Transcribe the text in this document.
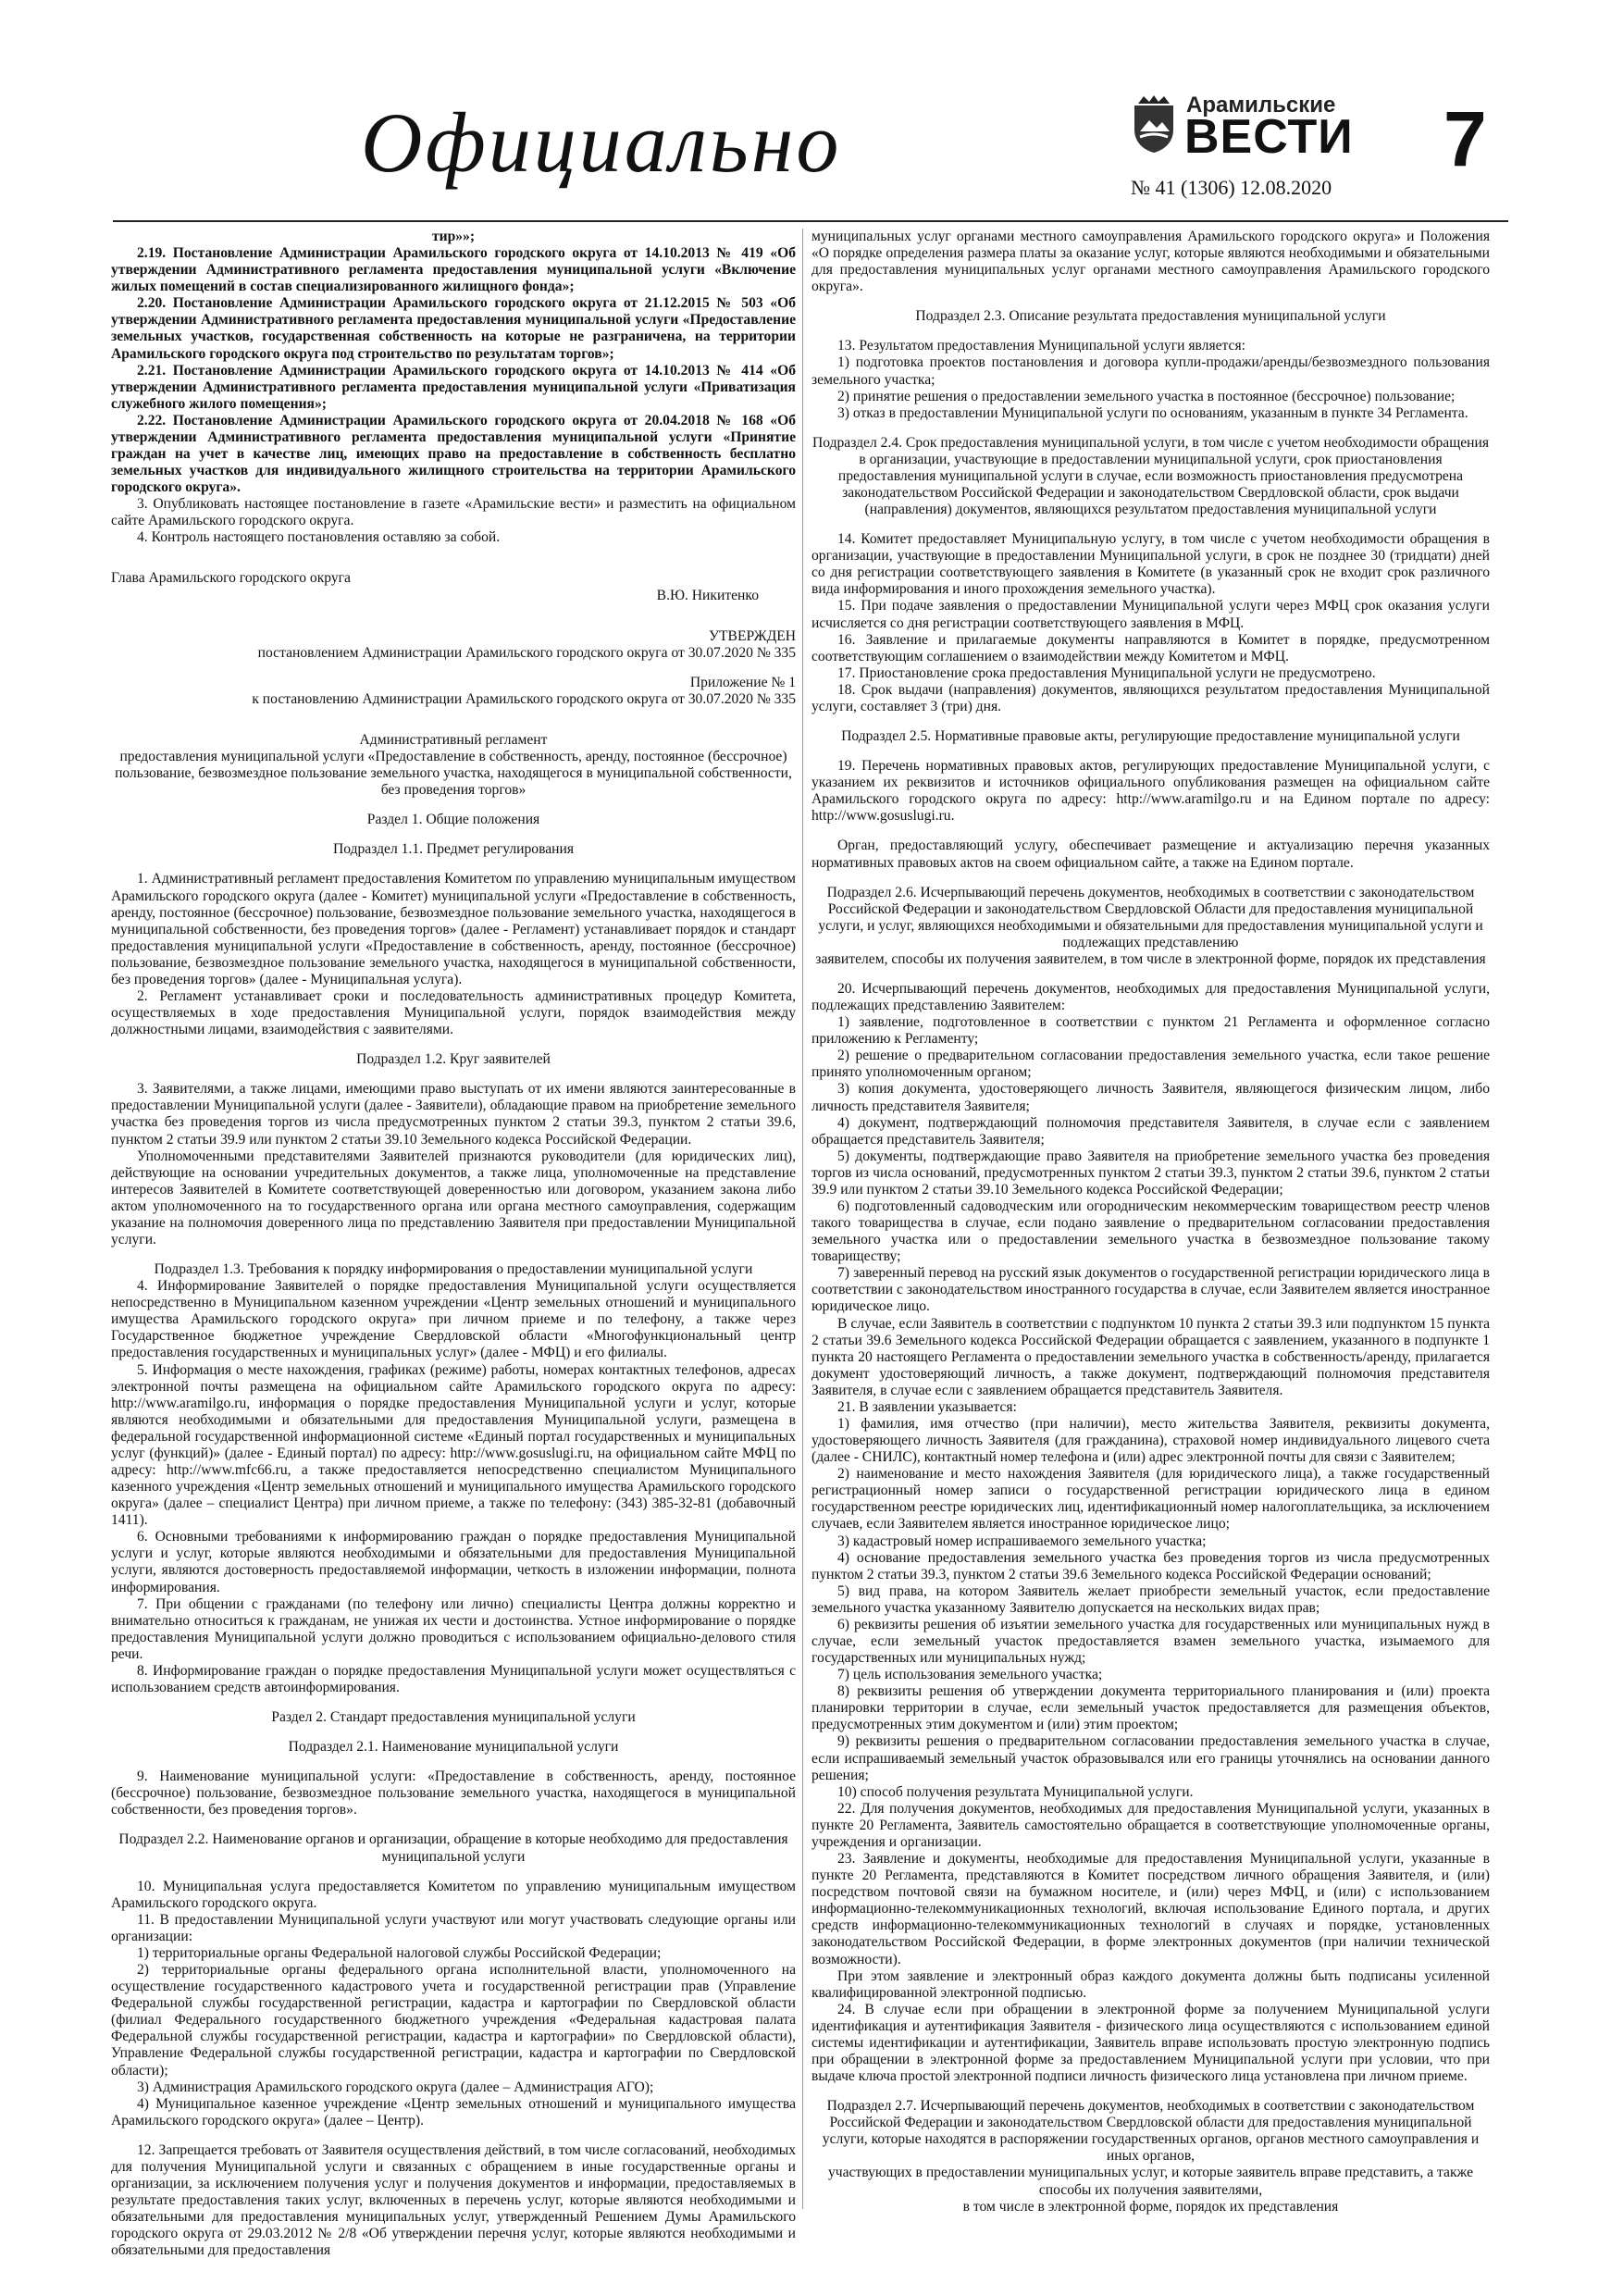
Официально	Арамильские
ВЕСТИ
№ 41 (1306) 12.08.2020
7

тир»»;

2.19. Постановление Администрации Арамильского городского округа от 14.10.2013 № 419 «Об утверждении Административного регламента предоставления муниципальной услуги «Включение жилых помещений в состав специализированного жилищного фонда»;

2.20. Постановление Администрации Арамильского городского округа от 21.12.2015 № 503 «Об утверждении Административного регламента предоставления муниципальной услуги «Предоставление земельных участков, государственная собственность на которые не разграничена, на территории Арамильского городского округа под строительство по результатам торгов»;

2.21. Постановление Администрации Арамильского городского округа от 14.10.2013 № 414 «Об утверждении Административного регламента предоставления муниципальной услуги «Приватизация служебного жилого помещения»;

2.22. Постановление Администрации Арамильского городского округа от 20.04.2018 № 168 «Об утверждении Административного регламента предоставления муниципальной услуги «Принятие граждан на учет в качестве лиц, имеющих право на предоставление в собственность бесплатно земельных участков для индивидуального жилищного строительства на территории Арамильского городского округа».

3. Опубликовать настоящее постановление в газете «Арамильские вести» и разместить на официальном сайте Арамильского городского округа.

4. Контроль настоящего постановления оставляю за собой.

Глава Арамильского городского округа

В.Ю. Никитенко

УТВЕРЖДЕН

постановлением Администрации Арамильского городского округа от 30.07.2020 № 335

Приложение № 1

к постановлению Администрации Арамильского городского округа от 30.07.2020 № 335

Административный регламент

предоставления муниципальной услуги «Предоставление в собственность, аренду, постоянное (бессрочное) пользование, безвозмездное пользование земельного участка, находящегося в муниципальной собственности, без проведения торгов»

Раздел 1. Общие положения

Подраздел 1.1. Предмет регулирования

1. Административный регламент предоставления Комитетом по управлению муниципальным имуществом Арамильского городского округа (далее - Комитет) муниципальной услуги «Предоставление в собственность, аренду, постоянное (бессрочное) пользование, безвозмездное пользование земельного участка, находящегося в муниципальной собственности, без проведения торгов» (далее - Регламент) устанавливает порядок и стандарт предоставления муниципальной услуги «Предоставление в собственность, аренду, постоянное (бессрочное) пользование, безвозмездное пользование земельного участка, находящегося в муниципальной собственности, без проведения торгов» (далее - Муниципальная услуга).

2. Регламент устанавливает сроки и последовательность административных процедур Комитета, осуществляемых в ходе предоставления Муниципальной услуги, порядок взаимодействия между должностными лицами, взаимодействия с заявителями.

Подраздел 1.2. Круг заявителей

3. Заявителями, а также лицами, имеющими право выступать от их имени являются заинтересованные в предоставлении Муниципальной услуги (далее - Заявители), обладающие правом на приобретение земельного участка без проведения торгов из числа предусмотренных пунктом 2 статьи 39.3, пунктом 2 статьи 39.6, пунктом 2 статьи 39.9 или пунктом 2 статьи 39.10 Земельного кодекса Российской Федерации.

Уполномоченными представителями Заявителей признаются руководители (для юридических лиц), действующие на основании учредительных документов, а также лица, уполномоченные на представление интересов Заявителей в Комитете соответствующей доверенностью или договором, указанием закона либо актом уполномоченного на то государственного органа или органа местного самоуправления, содержащим указание на полномочия доверенного лица по представлению Заявителя при предоставлении Муниципальной услуги.

Подраздел 1.3. Требования к порядку информирования о предоставлении муниципальной услуги

4. Информирование Заявителей о порядке предоставления Муниципальной услуги осуществляется непосредственно в Муниципальном казенном учреждении «Центр земельных отношений и муниципального имущества Арамильского городского округа» при личном приеме и по телефону, а также через Государственное бюджетное учреждение Свердловской области «Многофункциональный центр предоставления государственных и муниципальных услуг» (далее - МФЦ) и его филиалы.

5. Информация о месте нахождения, графиках (режиме) работы, номерах контактных телефонов, адресах электронной почты размещена на официальном сайте Арамильского городского округа по адресу: http://www.aramilgo.ru, информация о порядке предоставления Муниципальной услуги и услуг, которые являются необходимыми и обязательными для предоставления Муниципальной услуги, размещена в федеральной государственной информационной системе «Единый портал государственных и муниципальных услуг (функций)» (далее - Единый портал) по адресу: http://www.gosuslugi.ru, на официальном сайте МФЦ по адресу: http://www.mfc66.ru, а также предоставляется непосредственно специалистом Муниципального казенного учреждения «Центр земельных отношений и муниципального имущества Арамильского городского округа» (далее – специалист Центра) при личном приеме, а также по телефону: (343) 385-32-81 (добавочный 1411).

6. Основными требованиями к информированию граждан о порядке предоставления Муниципальной услуги и услуг, которые являются необходимыми и обязательными для предоставления Муниципальной услуги, являются достоверность предоставляемой информации, четкость в изложении информации, полнота информирования.

7. При общении с гражданами (по телефону или лично) специалисты Центра должны корректно и внимательно относиться к гражданам, не унижая их чести и достоинства. Устное информирование о порядке предоставления Муниципальной услуги должно проводиться с использованием официально-делового стиля речи.

8. Информирование граждан о порядке предоставления Муниципальной услуги может осуществляться с использованием средств автоинформирования.

Раздел 2. Стандарт предоставления муниципальной услуги

Подраздел 2.1. Наименование муниципальной услуги

9. Наименование муниципальной услуги: «Предоставление в собственность, аренду, постоянное (бессрочное) пользование, безвозмездное пользование земельного участка, находящегося в муниципальной собственности, без проведения торгов».

Подраздел 2.2. Наименование органов и организации, обращение в которые необходимо для предоставления муниципальной услуги

10. Муниципальная услуга предоставляется Комитетом по управлению муниципальным имуществом Арамильского городского округа.

11. В предоставлении Муниципальной услуги участвуют или могут участвовать следующие органы или организации:

1) территориальные органы Федеральной налоговой службы Российской Федерации;

2) территориальные органы федерального органа исполнительной власти, уполномоченного на осуществление государственного кадастрового учета и государственной регистрации прав (Управление Федеральной службы государственной регистрации, кадастра и картографии по Свердловской области (филиал Федерального государственного бюджетного учреждения «Федеральная кадастровая палата Федеральной службы государственной регистрации, кадастра и картографии» по Свердловской области), Управление Федеральной службы государственной регистрации, кадастра и картографии по Свердловской области);

3) Администрация Арамильского городского округа (далее – Администрация АГО);

4) Муниципальное казенное учреждение «Центр земельных отношений и муниципального имущества Арамильского городского округа» (далее – Центр).

12. Запрещается требовать от Заявителя осуществления действий, в том числе согласований, необходимых для получения Муниципальной услуги и связанных с обращением в иные государственные органы и организации, за исключением получения услуг и получения документов и информации, предоставляемых в результате предоставления таких услуг, включенных в перечень услуг, которые являются необходимыми и обязательными для предоставления муниципальных услуг, утвержденный Решением Думы Арамильского городского округа от 29.03.2012 № 2/8 «Об утверждении перечня услуг, которые являются необходимыми и обязательными для предоставления

муниципальных услуг органами местного самоуправления Арамильского городского округа» и Положения «О порядке определения размера платы за оказание услуг, которые являются необходимыми и обязательными для предоставления муниципальных услуг органами местного самоуправления Арамильского городского округа».

Подраздел 2.3. Описание результата предоставления муниципальной услуги

13. Результатом предоставления Муниципальной услуги является:

1) подготовка проектов постановления и договора купли-продажи/аренды/безвозмездного пользования земельного участка;

2) принятие решения о предоставлении земельного участка в постоянное (бессрочное) пользование;

3) отказ в предоставлении Муниципальной услуги по основаниям, указанным в пункте 34 Регламента.

Подраздел 2.4. Срок предоставления муниципальной услуги, в том числе с учетом необходимости обращения в организации, участвующие в предоставлении муниципальной услуги, срок приостановления предоставления муниципальной услуги в случае, если возможность приостановления предусмотрена законодательством Российской Федерации и законодательством Свердловской области, срок выдачи (направления) документов, являющихся результатом предоставления муниципальной услуги

14. Комитет предоставляет Муниципальную услугу, в том числе с учетом необходимости обращения в организации, участвующие в предоставлении Муниципальной услуги, в срок не позднее 30 (тридцати) дней со дня регистрации соответствующего заявления в Комитете (в указанный срок не входит срок различного вида информирования и иного прохождения земельного участка).

15. При подаче заявления о предоставлении Муниципальной услуги через МФЦ срок оказания услуги исчисляется со дня регистрации соответствующего заявления в МФЦ.

16. Заявление и прилагаемые документы направляются в Комитет в порядке, предусмотренном соответствующим соглашением о взаимодействии между Комитетом и МФЦ.

17. Приостановление срока предоставления Муниципальной услуги не предусмотрено.

18. Срок выдачи (направления) документов, являющихся результатом предоставления Муниципальной услуги, составляет 3 (три) дня.

Подраздел 2.5. Нормативные правовые акты, регулирующие предоставление муниципальной услуги

19. Перечень нормативных правовых актов, регулирующих предоставление Муниципальной услуги, с указанием их реквизитов и источников официального опубликования размещен на официальном сайте Арамильского городского округа по адресу: http://www.aramilgo.ru и на Едином портале по адресу: http://www.gosuslugi.ru.

Орган, предоставляющий услугу, обеспечивает размещение и актуализацию перечня указанных нормативных правовых актов на своем официальном сайте, а также на Едином портале.

Подраздел 2.6. Исчерпывающий перечень документов, необходимых в соответствии с законодательством Российской Федерации и законодательством Свердловской Области для предоставления муниципальной услуги, и услуг, являющихся необходимыми и обязательными для предоставления муниципальной услуги и подлежащих представлению

заявителем, способы их получения заявителем, в том числе в электронной форме, порядок их представления

20. Исчерпывающий перечень документов, необходимых для предоставления Муниципальной услуги, подлежащих представлению Заявителем:

1) заявление, подготовленное в соответствии с пунктом 21 Регламента и оформленное согласно приложению к Регламенту;

2) решение о предварительном согласовании предоставления земельного участка, если такое решение принято уполномоченным органом;

3) копия документа, удостоверяющего личность Заявителя, являющегося физическим лицом, либо личность представителя Заявителя;

4) документ, подтверждающий полномочия представителя Заявителя, в случае если с заявлением обращается представитель Заявителя;

5) документы, подтверждающие право Заявителя на приобретение земельного участка без проведения торгов из числа оснований, предусмотренных пунктом 2 статьи 39.3, пунктом 2 статьи 39.6, пунктом 2 статьи 39.9 или пунктом 2 статьи 39.10 Земельного кодекса Российской Федерации;

6) подготовленный садоводческим или огородническим некоммерческим товариществом реестр членов такого товарищества в случае, если подано заявление о предварительном согласовании предоставления земельного участка или о предоставлении земельного участка в безвозмездное пользование такому товариществу;

7) заверенный перевод на русский язык документов о государственной регистрации юридического лица в соответствии с законодательством иностранного государства в случае, если Заявителем является иностранное юридическое лицо.

В случае, если Заявитель в соответствии с подпунктом 10 пункта 2 статьи 39.3 или подпунктом 15 пункта 2 статьи 39.6 Земельного кодекса Российской Федерации обращается с заявлением, указанного в подпункте 1 пункта 20 настоящего Регламента о предоставлении земельного участка в собственность/аренду, прилагается документ удостоверяющий личность, а также документ, подтверждающий полномочия представителя Заявителя, в случае если с заявлением обращается представитель Заявителя.

21. В заявлении указывается:

1) фамилия, имя отчество (при наличии), место жительства Заявителя, реквизиты документа, удостоверяющего личность Заявителя (для гражданина), страховой номер индивидуального лицевого счета (далее - СНИЛС), контактный номер телефона и (или) адрес электронной почты для связи с Заявителем;

2) наименование и место нахождения Заявителя (для юридического лица), а также государственный регистрационный номер записи о государственной регистрации юридического лица в едином государственном реестре юридических лиц, идентификационный номер налогоплательщика, за исключением случаев, если Заявителем является иностранное юридическое лицо;

3) кадастровый номер испрашиваемого земельного участка;

4) основание предоставления земельного участка без проведения торгов из числа предусмотренных пунктом 2 статьи 39.3, пунктом 2 статьи 39.6 Земельного кодекса Российской Федерации оснований;

5) вид права, на котором Заявитель желает приобрести земельный участок, если предоставление земельного участка указанному Заявителю допускается на нескольких видах прав;

6) реквизиты решения об изъятии земельного участка для государственных или муниципальных нужд в случае, если земельный участок предоставляется взамен земельного участка, изымаемого для государственных или муниципальных нужд;

7) цель использования земельного участка;

8) реквизиты решения об утверждении документа территориального планирования и (или) проекта планировки территории в случае, если земельный участок предоставляется для размещения объектов, предусмотренных этим документом и (или) этим проектом;

9) реквизиты решения о предварительном согласовании предоставления земельного участка в случае, если испрашиваемый земельный участок образовывался или его границы уточнялись на основании данного решения;

10) способ получения результата Муниципальной услуги.

22. Для получения документов, необходимых для предоставления Муниципальной услуги, указанных в пункте 20 Регламента, Заявитель самостоятельно обращается в соответствующие уполномоченные органы, учреждения и организации.

23. Заявление и документы, необходимые для предоставления Муниципальной услуги, указанные в пункте 20 Регламента, представляются в Комитет посредством личного обращения Заявителя, и (или) посредством почтовой связи на бумажном носителе, и (или) через МФЦ, и (или) с использованием информационно-телекоммуникационных технологий, включая использование Единого портала, и других средств информационно-телекоммуникационных технологий в случаях и порядке, установленных законодательством Российской Федерации, в форме электронных документов (при наличии технической возможности).

При этом заявление и электронный образ каждого документа должны быть подписаны усиленной квалифицированной электронной подписью.

24. В случае если при обращении в электронной форме за получением Муниципальной услуги идентификация и аутентификация Заявителя - физического лица осуществляются с использованием единой системы идентификации и аутентификации, Заявитель вправе использовать простую электронную подпись при обращении в электронной форме за предоставлением Муниципальной услуги при условии, что при выдаче ключа простой электронной подписи личность физического лица установлена при личном приеме.

Подраздел 2.7. Исчерпывающий перечень документов, необходимых в соответствии с законодательством Российской Федерации и законодательством Свердловской области для предоставления муниципальной услуги, которые находятся в распоряжении государственных органов, органов местного самоуправления и иных органов,

участвующих в предоставлении муниципальных услуг, и которые заявитель вправе представить, а также способы их получения заявителями,

в том числе в электронной форме, порядок их представления
